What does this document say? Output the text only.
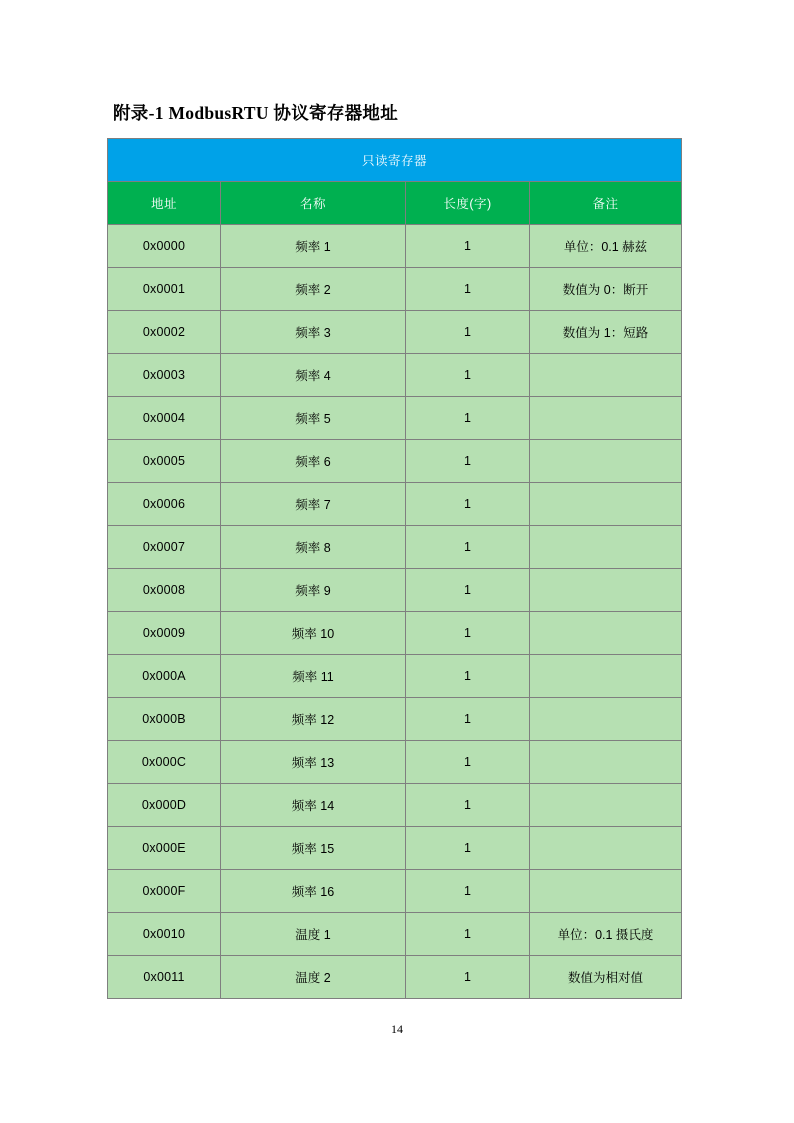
附录-1 ModbusRTU 协议寄存器地址
只读寄存器			
地址	名称	长度(字)	备注
0x0000	频率 1	1	单位：0.1 赫兹
0x0001	频率 2	1	数值为 0：断开
0x0002	频率 3	1	数值为 1：短路
0x0003	频率 4	1	
0x0004	频率 5	1	
0x0005	频率 6	1	
0x0006	频率 7	1	
0x0007	频率 8	1	
0x0008	频率 9	1	
0x0009	频率 10	1	
0x000A	频率 11	1	
0x000B	频率 12	1	
0x000C	频率 13	1	
0x000D	频率 14	1	
0x000E	频率 15	1	
0x000F	频率 16	1	
0x0010	温度 1	1	单位：0.1 摄氏度
0x0011	温度 2	1	数值为相对值
14
